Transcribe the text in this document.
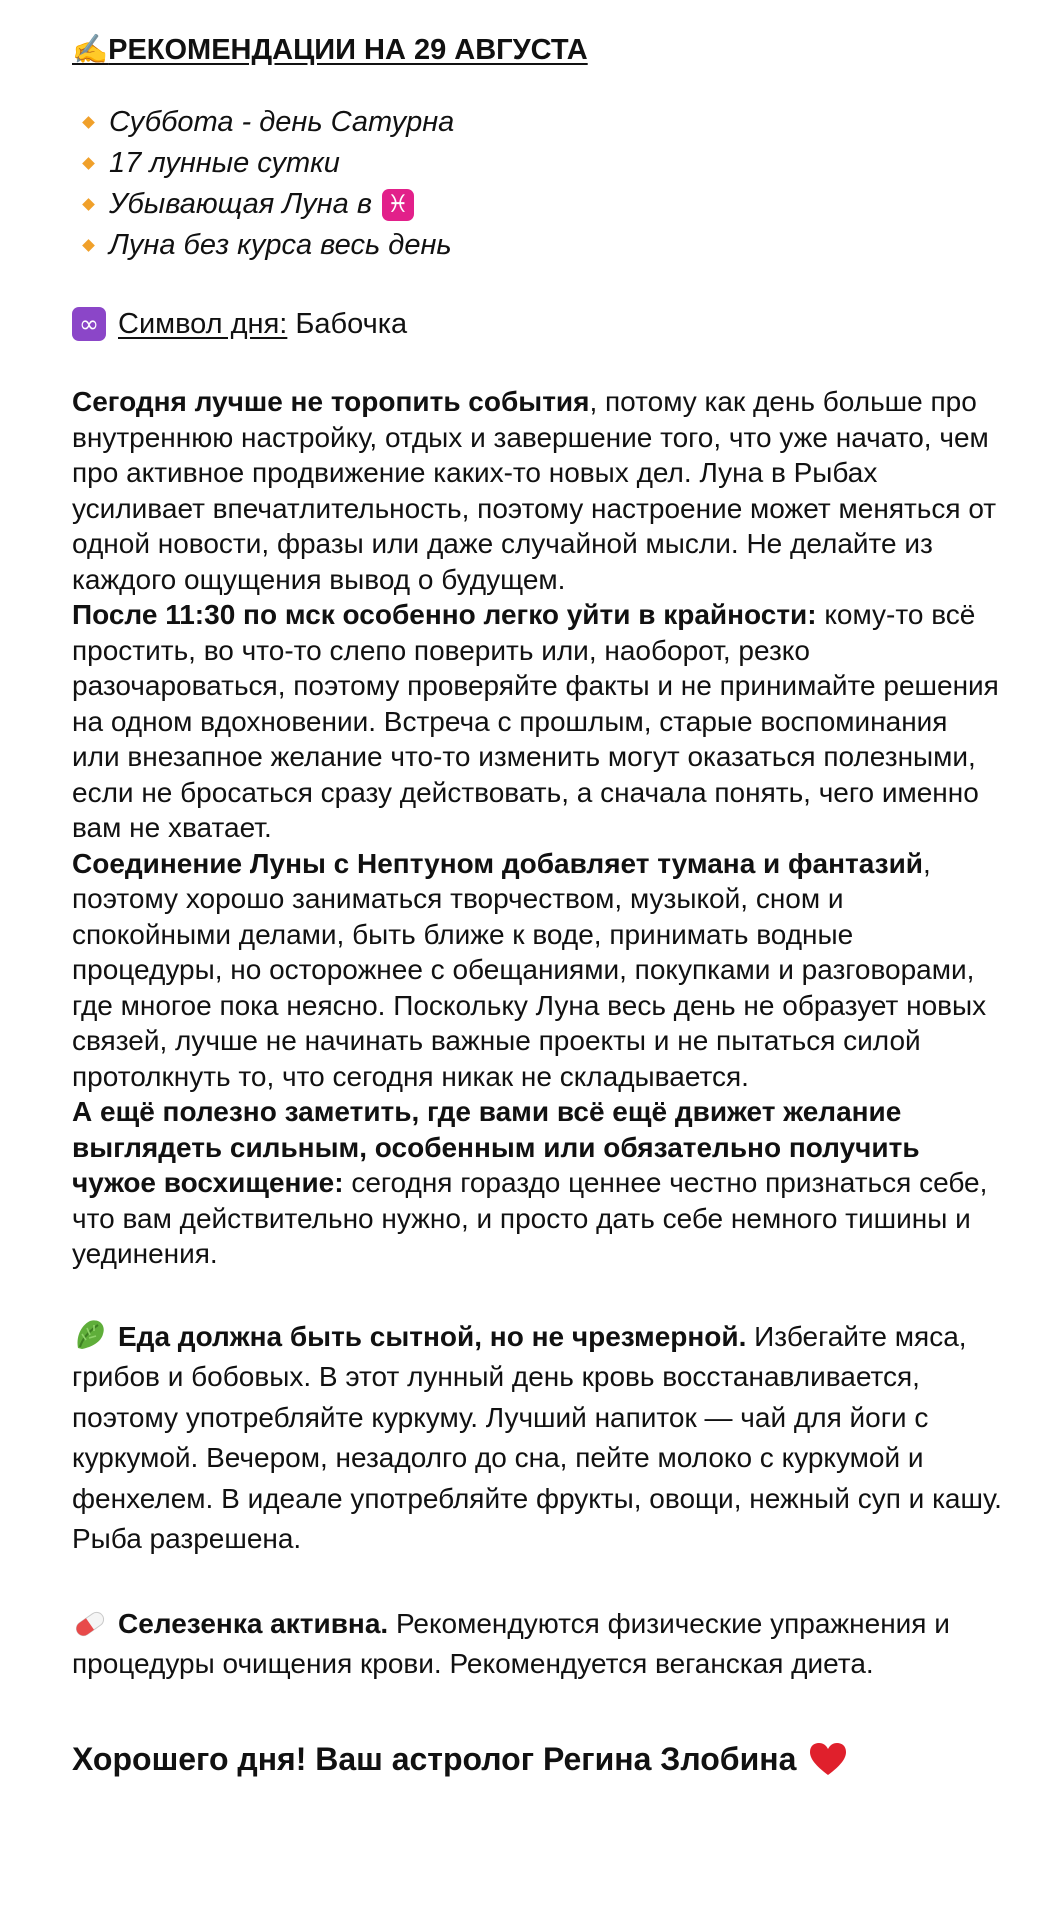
✍️РЕКОМЕНДАЦИИ НА 29 АВГУСТА
Суббота - день Сатурна
17 лунные сутки
Убывающая Луна в ♓
Луна без курса весь день
∞ Символ дня: Бабочка

Сегодня лучше не торопить события, потому как день больше про внутреннюю настройку, отдых и завершение того, что уже начато, чем про активное продвижение каких-то новых дел. Луна в Рыбах усиливает впечатлительность, поэтому настроение может меняться от одной новости, фразы или даже случайной мысли. Не делайте из каждого ощущения вывод о будущем.

После 11:30 по мск особенно легко уйти в крайности: кому-то всё простить, во что-то слепо поверить или, наоборот, резко разочароваться, поэтому проверяйте факты и не принимайте решения на одном вдохновении. Встреча с прошлым, старые воспоминания или внезапное желание что-то изменить могут оказаться полезными, если не бросаться сразу действовать, а сначала понять, чего именно вам не хватает.

Соединение Луны с Нептуном добавляет тумана и фантазий, поэтому хорошо заниматься творчеством, музыкой, сном и спокойными делами, быть ближе к воде, принимать водные процедуры, но осторожнее с обещаниями, покупками и разговорами, где многое пока неясно. Поскольку Луна весь день не образует новых связей, лучше не начинать важные проекты и не пытаться силой протолкнуть то, что сегодня никак не складывается.

А ещё полезно заметить, где вами всё ещё движет желание выглядеть сильным, особенным или обязательно получить чужое восхищение: сегодня гораздо ценнее честно признаться себе, что вам действительно нужно, и просто дать себе немного тишины и уединения.

Еда должна быть сытной, но не чрезмерной. Избегайте мяса, грибов и бобовых. В этот лунный день кровь восстанавливается, поэтому употребляйте куркуму. Лучший напиток — чай для йоги с куркумой. Вечером, незадолго до сна, пейте молоко с куркумой и фенхелем. В идеале употребляйте фрукты, овощи, нежный суп и кашу. Рыба разрешена.

Селезенка активна. Рекомендуются физические упражнения и процедуры очищения крови. Рекомендуется веганская диета.

Хорошего дня! Ваш астролог Регина Злобина
